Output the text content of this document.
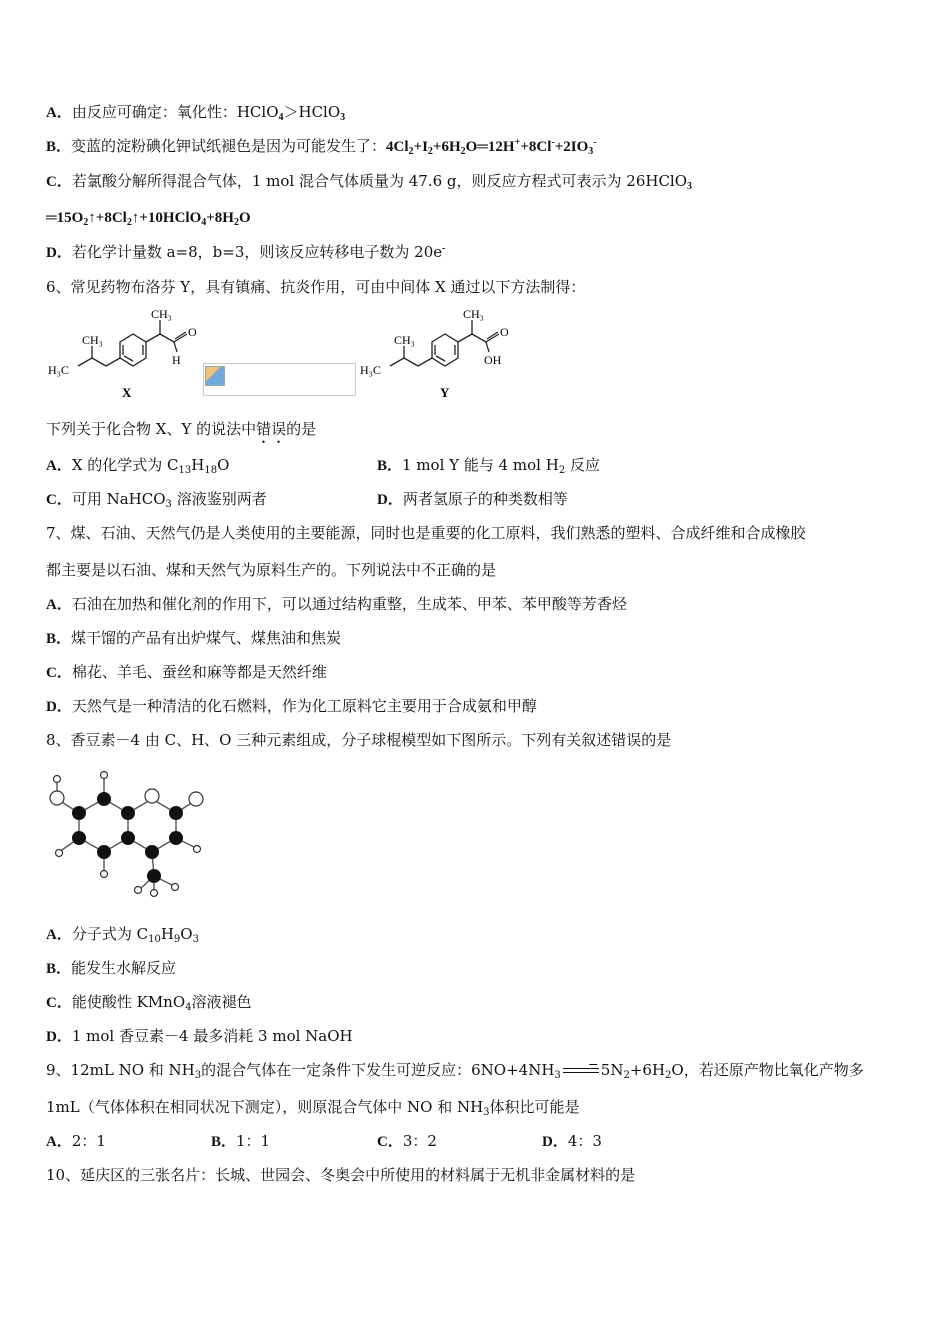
A．由反应可确定：氧化性：HClO$_4$＞HClO$_3$
B．变蓝的淀粉碘化钾试纸褪色是因为可能发生了：$4Cl_2+I_2+6H_2O═12H^++8Cl^-+2IO_3^-$
C．若氯酸分解所得混合气体，1 mol 混合气体质量为 47.6 g，则反应方程式可表示为 26HClO$_3$
$═15O_2↑+8Cl_2↑+10HClO_4+8H_2O$
D．若化学计量数 a=8，b=3，则该反应转移电子数为 20e-
6、常见药物布洛芬 Y，具有镇痛、抗炎作用，可由中间体 X 通过以下方法制得：
CH₃
H₃C
CH₃
O
H
X
CH₃
H₃C
CH₃
O
OH
Y
下列关于化合物 X、Y 的说法中错误的是
A．X 的化学式为 $C_{13}H_{18}O$	B．1 mol Y 能与 4 mol $H_2$ 反应
C．可用 NaHCO$_3$ 溶液鉴别两者	D．两者氢原子的种类数相等
7、煤、石油、天然气仍是人类使用的主要能源，同时也是重要的化工原料，我们熟悉的塑料、合成纤维和合成橡胶
都主要是以石油、煤和天然气为原料生产的。下列说法中不正确的是
A．石油在加热和催化剂的作用下，可以通过结构重整，生成苯、甲苯、苯甲酸等芳香烃
B．煤干馏的产品有出炉煤气、煤焦油和焦炭
C．棉花、羊毛、蚕丝和麻等都是天然纤维
D．天然气是一种清洁的化石燃料，作为化工原料它主要用于合成氨和甲醇
8、香豆素－4 由 C、H、O 三种元素组成，分子球棍模型如下图所示。下列有关叙述错误的是
A．分子式为 $C_{10}H_9O_3$
B．能发生水解反应
C．能使酸性 KMnO$_4$溶液褪色
D．1 mol 香豆素－4 最多消耗 3 mol NaOH
9、12mL NO 和 $NH_3$的混合气体在一定条件下发生可逆反应：$6NO+4NH_3 \to 5N_2+6H_2O$，若还原产物比氧化产物多
1mL（气体体积在相同状况下测定），则原混合气体中 NO 和 $NH_3$体积比可能是
A．2：1	B．1：1	C．3：2	D．4：3
10、延庆区的三张名片：长城、世园会、冬奥会中所使用的材料属于无机非金属材料的是
